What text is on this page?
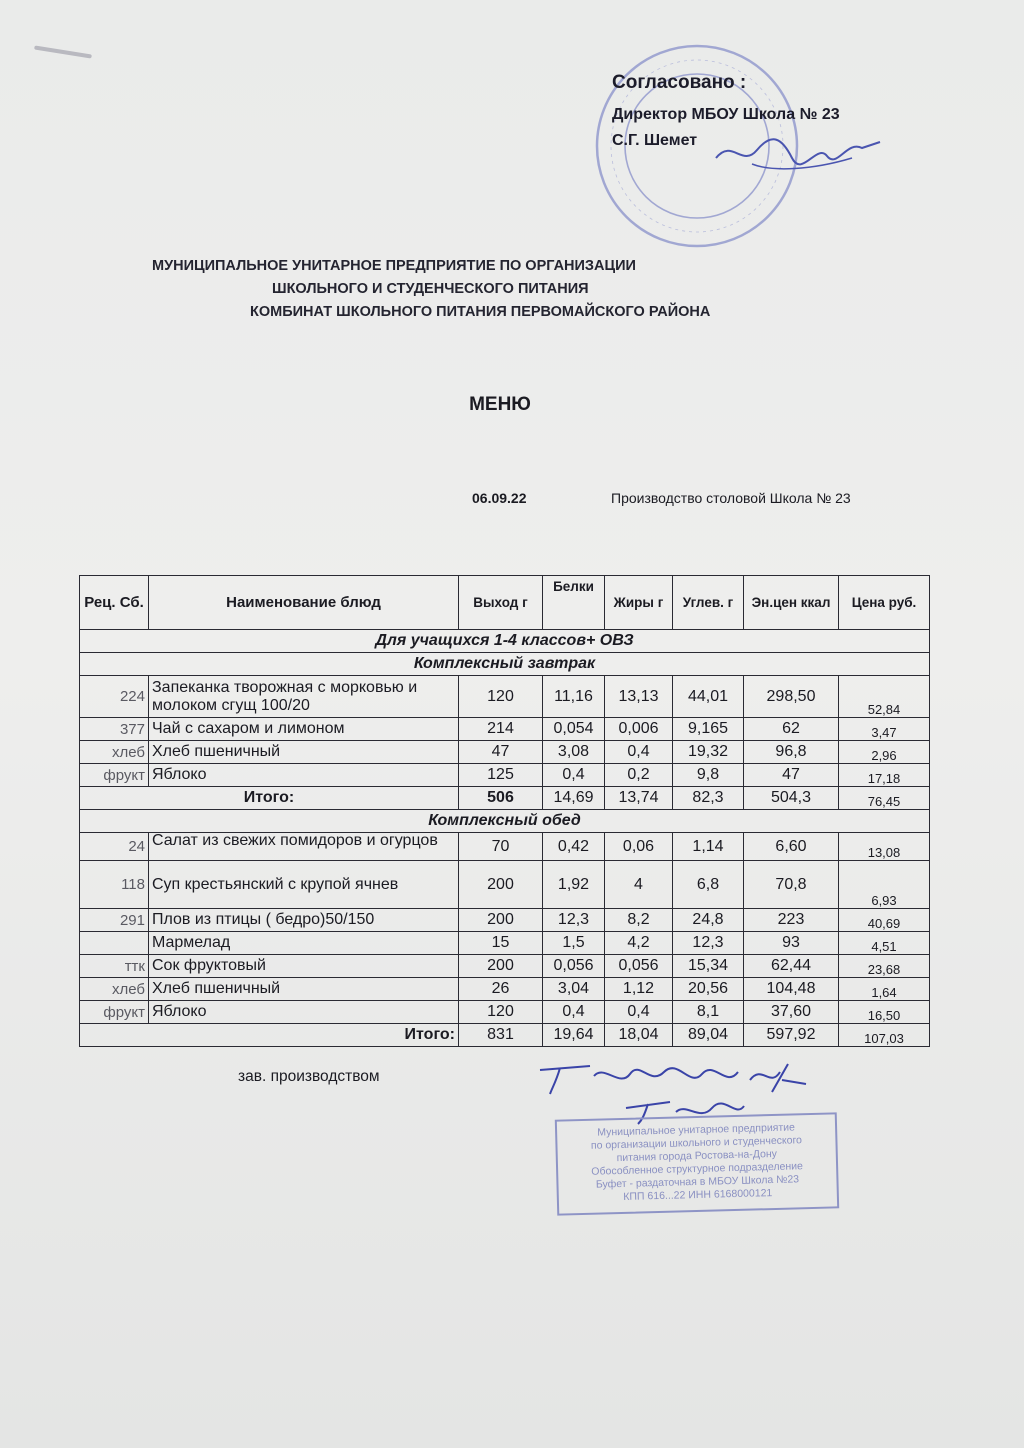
Согласовано :
Директор МБОУ Школа № 23
С.Г. Шемет
МУНИЦИПАЛЬНОЕ УНИТАРНОЕ ПРЕДПРИЯТИЕ ПО ОРГАНИЗАЦИИ
ШКОЛЬНОГО И СТУДЕНЧЕСКОГО ПИТАНИЯ
КОМБИНАТ ШКОЛЬНОГО ПИТАНИЯ ПЕРВОМАЙСКОГО РАЙОНА
МЕНЮ
06.09.22	Производство столовой Школа № 23
Рец. Сб.	Наименование блюд	Выход г	Белки	Жиры г	Углев. г	Эн.цен ккал	Цена руб.
Для учащихся 1-4 классов+ ОВЗ							
Комплексный завтрак							
224	Запеканка творожная с морковью и молоком сгущ 100/20	120	11,16	13,13	44,01	298,50	52,84
377	Чай с сахаром и лимоном	214	0,054	0,006	9,165	62	3,47
хлеб	Хлеб пшеничный	47	3,08	0,4	19,32	96,8	2,96
фрукт	Яблоко	125	0,4	0,2	9,8	47	17,18
Итого:		506	14,69	13,74	82,3	504,3	76,45
Комплексный обед							
24	Салат из свежих помидоров и огурцов	70	0,42	0,06	1,14	6,60	13,08
118	Суп крестьянский с крупой ячнев	200	1,92	4	6,8	70,8	6,93
291	Плов из птицы ( бедро)50/150	200	12,3	8,2	24,8	223	40,69
	Мармелад	15	1,5	4,2	12,3	93	4,51
ттк	Сок фруктовый	200	0,056	0,056	15,34	62,44	23,68
хлеб	Хлеб пшеничный	26	3,04	1,12	20,56	104,48	1,64
фрукт	Яблоко	120	0,4	0,4	8,1	37,60	16,50
Итого:		831	19,64	18,04	89,04	597,92	107,03
зав. производством
Муниципальное унитарное предприятие
по организации школьного и студенческого
питания города Ростова-на-Дону
Обособленное структурное подразделение
Буфет - раздаточная в МБОУ Школа №23
КПП 616...22 ИНН 6168000121
